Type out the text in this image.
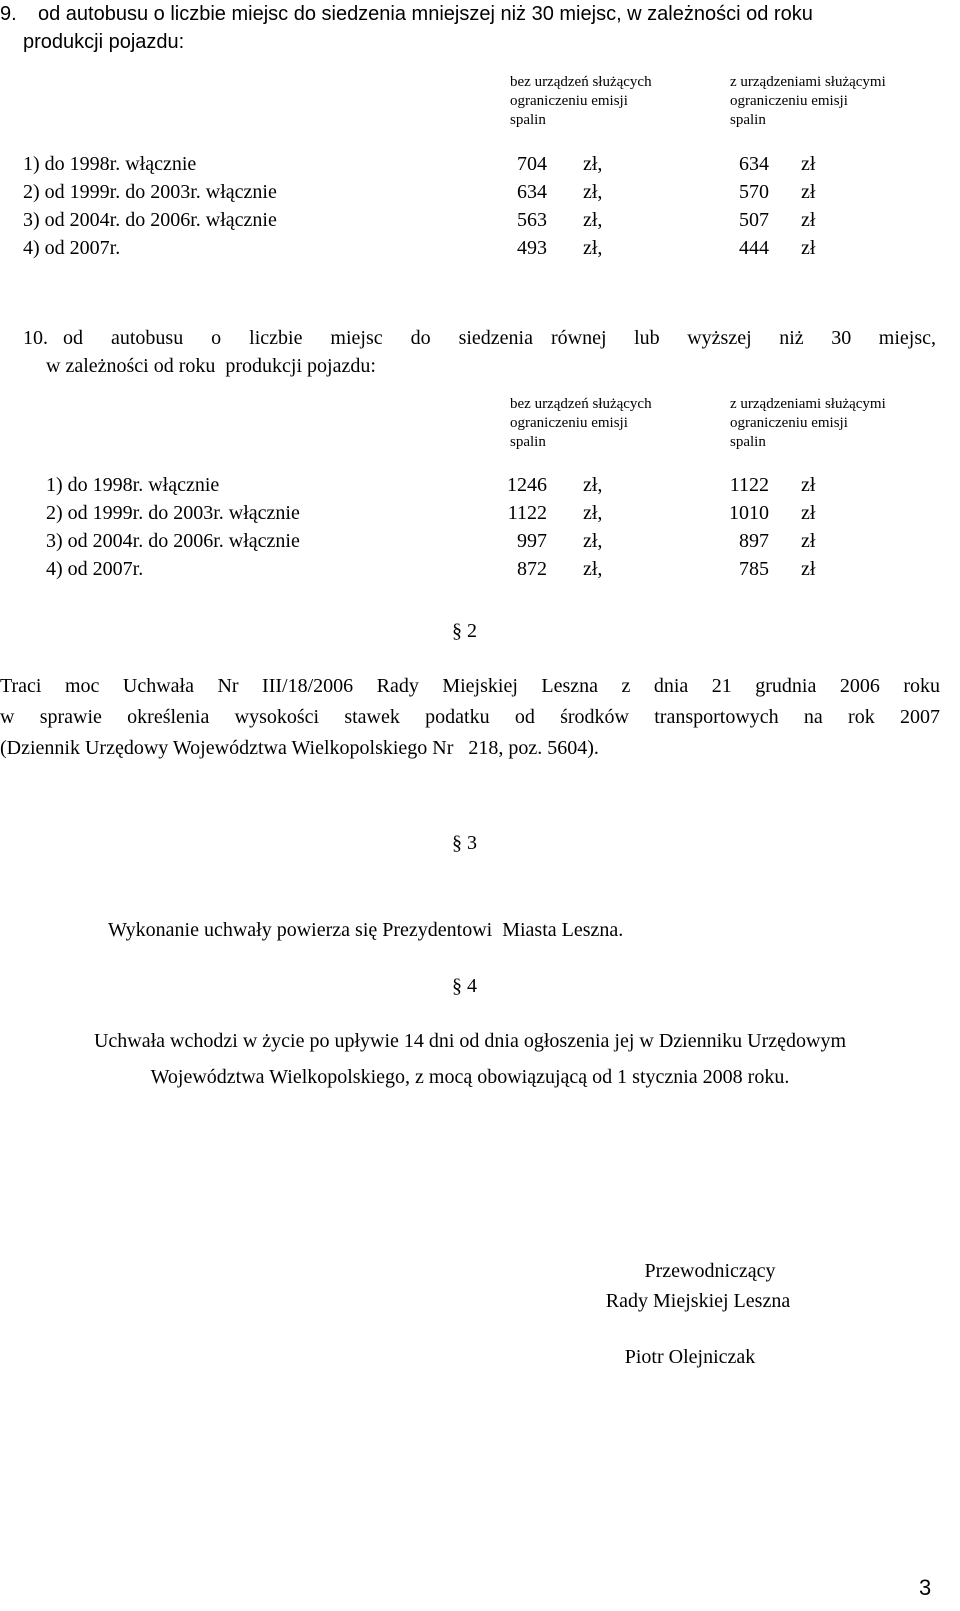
9. od autobusu o liczbie miejsc do siedzenia mniejszej niż 30 miejsc, w zależności od roku
produkcji pojazdu:
bez urządzeń służących
ograniczeniu emisji
spalin
z urządzeniami służącymi
ograniczeniu emisji
spalin
1) do 1998r. włącznie	704 zł,	634 zł
2) od 1999r. do 2003r. włącznie	634 zł,	570 zł
3) od 2004r. do 2006r. włącznie	563 zł,	507 zł
4) od 2007r.	493 zł,	444 zł
10. od autobusu o liczbie miejsc do siedzenia równej lub wyższej niż 30 miejsc,
w zależności od roku  produkcji pojazdu:
bez urządzeń służących
ograniczeniu emisji
spalin
z urządzeniami służącymi
ograniczeniu emisji
spalin
1) do 1998r. włącznie	1246 zł,	1122 zł
2) od 1999r. do 2003r. włącznie	1122 zł,	1010 zł
3) od 2004r. do 2006r. włącznie	997 zł,	897 zł
4) od 2007r.	872 zł,	785 zł
§ 2
Traci moc Uchwała Nr III/18/2006 Rady Miejskiej Leszna z dnia 21 grudnia 2006 roku
w sprawie określenia wysokości stawek podatku od środków transportowych na rok 2007
(Dziennik Urzędowy Województwa Wielkopolskiego Nr   218, poz. 5604).
§ 3
Wykonanie uchwały powierza się Prezydentowi  Miasta Leszna.
§ 4
Uchwała wchodzi w życie po upływie 14 dni od dnia ogłoszenia jej w Dzienniku Urzędowym
Województwa Wielkopolskiego, z mocą obowiązującą od 1 stycznia 2008 roku.
Przewodniczący
Rady Miejskiej Leszna
Piotr Olejniczak
3
